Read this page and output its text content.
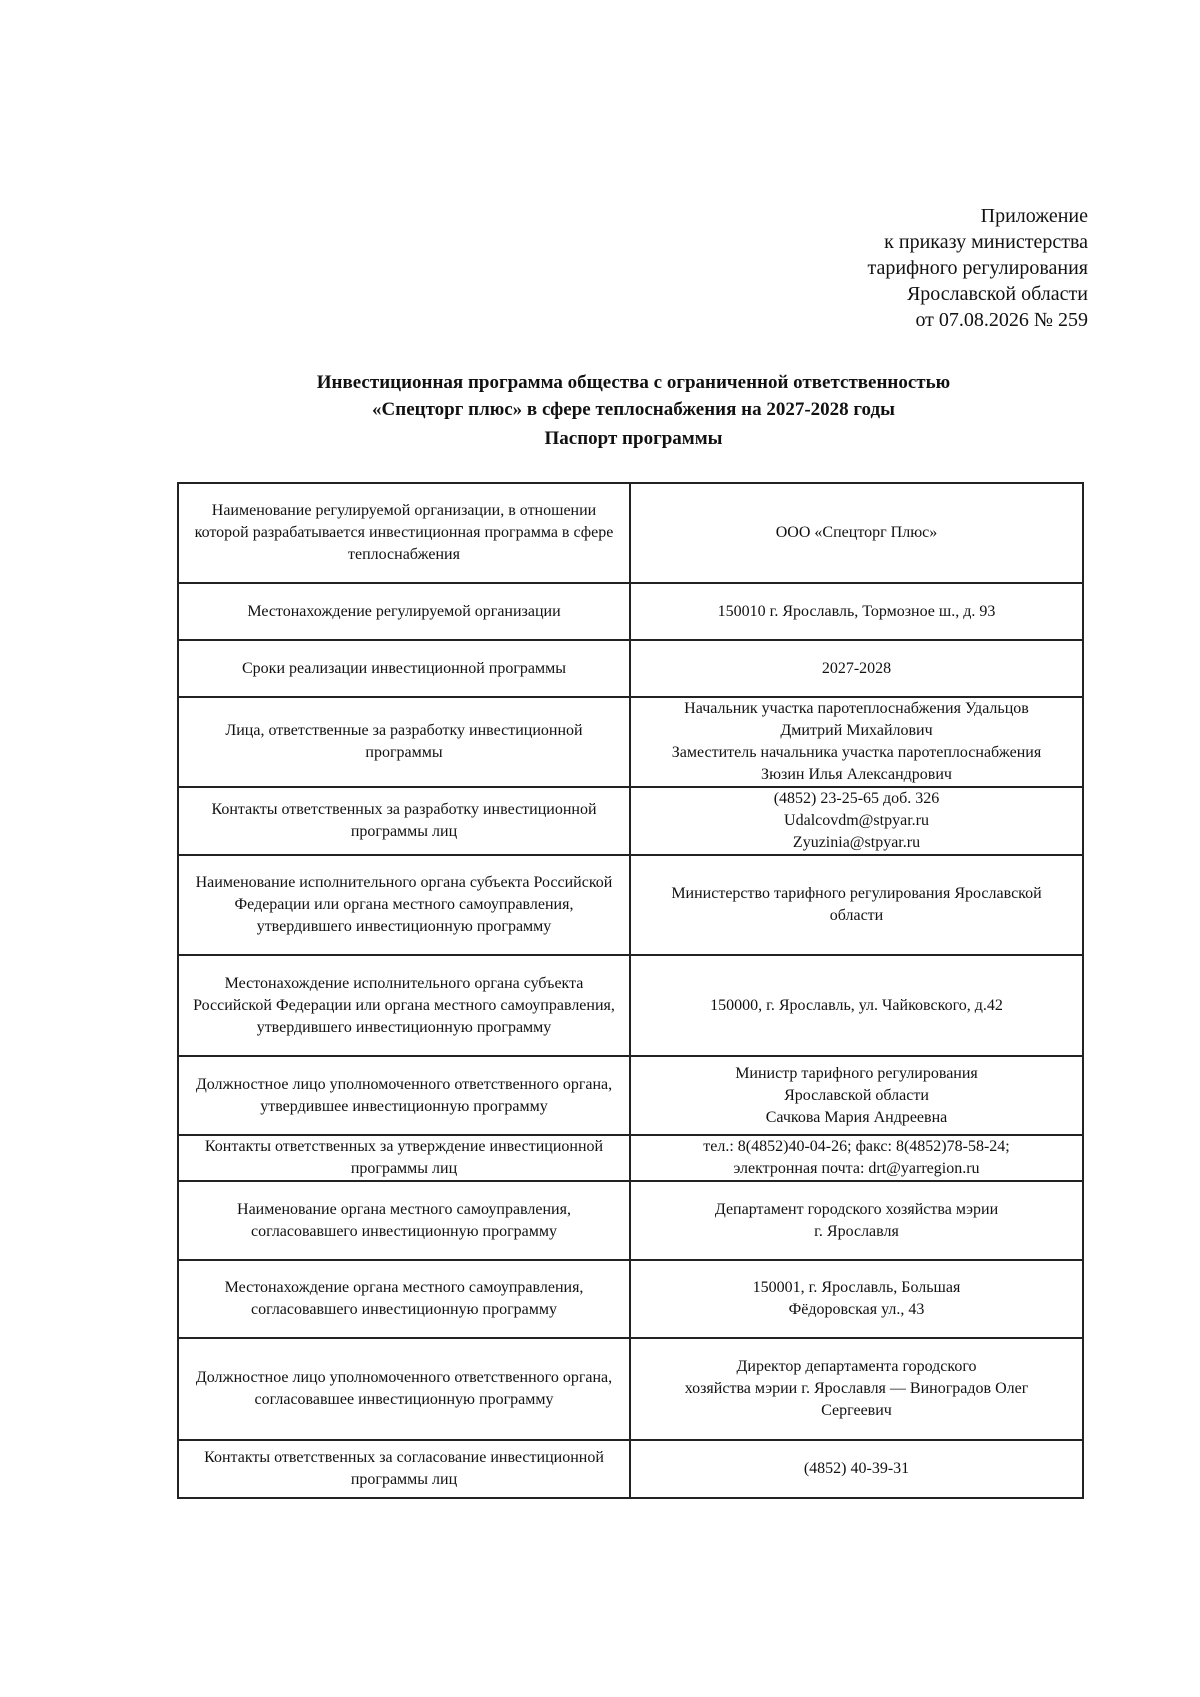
Приложение
к приказу министерства
тарифного регулирования
Ярославской области
от 07.08.2026 № 259
Инвестиционная программа общества с ограниченной ответственностью
«Спецторг плюс» в сфере теплоснабжения на 2027-2028 годы
Паспорт программы
Наименование регулируемой организации, в отношении которой разрабатывается инвестиционная программа в сфере теплоснабжения	ООО «Спецторг Плюс»

Местонахождение регулируемой организации	150010 г. Ярославль, Тормозное ш., д. 93

Сроки реализации инвестиционной программы	2027-2028

Лица, ответственные за разработку инвестиционной программы	Начальник участка паротеплоснабжения Удальцов
Дмитрий Михайлович
Заместитель начальника участка паротеплоснабжения
Зюзин Илья Александрович

Контакты ответственных за разработку инвестиционной программы лиц	(4852) 23-25-65 доб. 326
Udalcovdm@stpyar.ru
Zyuzinia@stpyar.ru

Наименование исполнительного органа субъекта Российской Федерации или органа местного самоуправления, утвердившего инвестиционную программу	Министерство тарифного регулирования Ярославской
области

Местонахождение исполнительного органа субъекта Российской Федерации или органа местного самоуправления, утвердившего инвестиционную программу	150000, г. Ярославль, ул. Чайковского, д.42

Должностное лицо уполномоченного ответственного органа, утвердившее инвестиционную программу	Министр тарифного регулирования
Ярославской области
Сачкова Мария Андреевна

Контакты ответственных за утверждение инвестиционной программы лиц	тел.: 8(4852)40-04-26; факс: 8(4852)78-58-24;
электронная почта: drt@yarregion.ru

Наименование органа местного самоуправления, согласовавшего инвестиционную программу	Департамент городского хозяйства мэрии
г. Ярославля

Местонахождение органа местного самоуправления, согласовавшего инвестиционную программу	150001, г. Ярославль, Большая
Фёдоровская ул., 43

Должностное лицо уполномоченного ответственного органа, согласовавшее инвестиционную программу	Директор департамента городского
хозяйства мэрии г. Ярославля — Виноградов Олег
Сергеевич

Контакты ответственных за согласование инвестиционной программы лиц	(4852) 40-39-31
